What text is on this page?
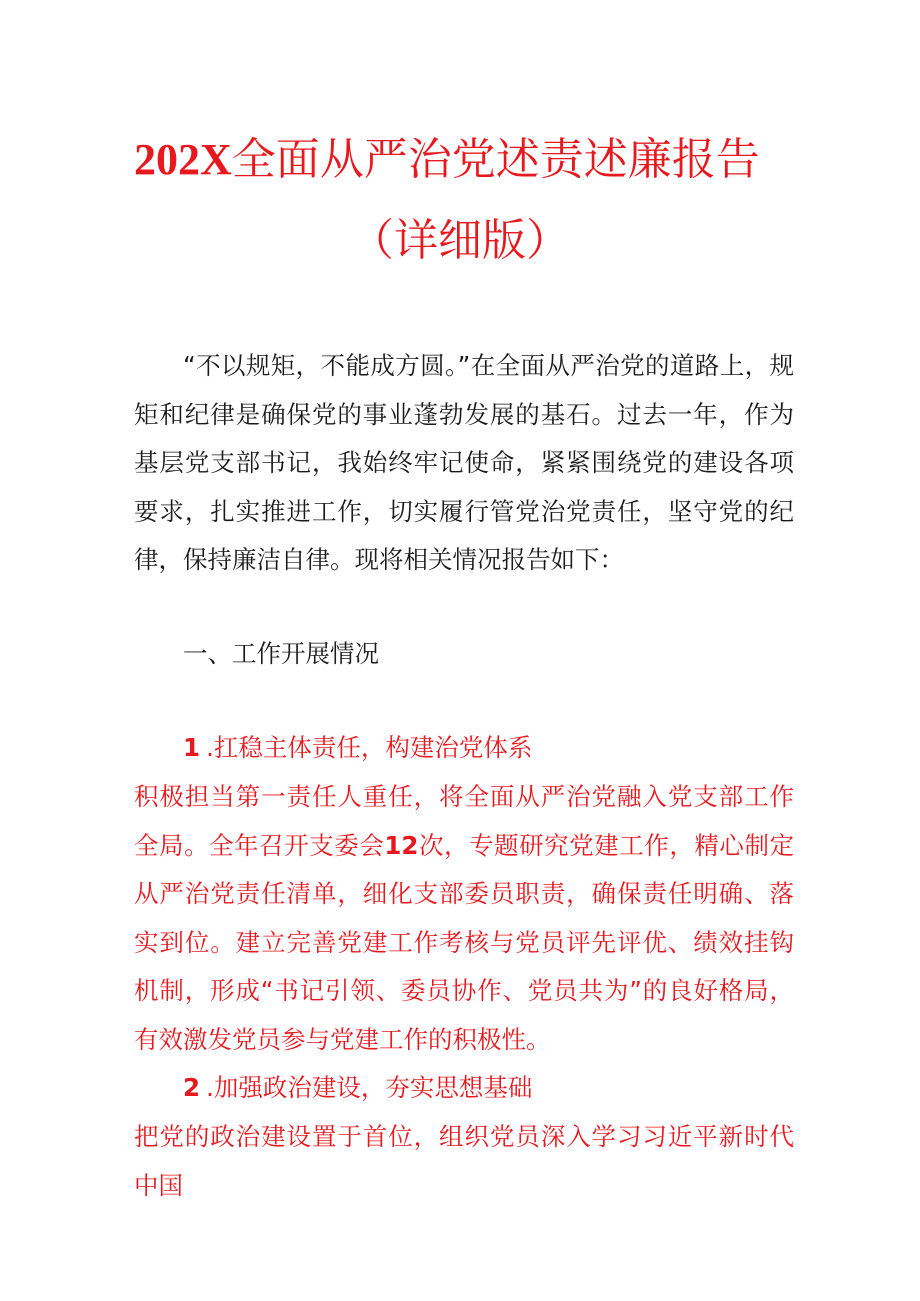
202X全面从严治党述责述廉报告
（详细版）

“不以规矩，不能成方圆。”在全面从严治党的道路上，规矩和纪律是确保党的事业蓬勃发展的基石。过去一年，作为基层党支部书记，我始终牢记使命，紧紧围绕党的建设各项要求，扎实推进工作，切实履行管党治党责任，坚守党的纪律，保持廉洁自律。现将相关情况报告如下：

一、工作开展情况
1 .扛稳主体责任，构建治党体系

积极担当第一责任人重任，将全面从严治党融入党支部工作全局。全年召开支委会12次，专题研究党建工作，精心制定从严治党责任清单，细化支部委员职责，确保责任明确、落实到位。建立完善党建工作考核与党员评先评优、绩效挂钩机制，形成“书记引领、委员协作、党员共为”的良好格局，有效激发党员参与党建工作的积极性。

2 .加强政治建设，夯实思想基础

把党的政治建设置于首位，组织党员深入学习习近平新时代中国
